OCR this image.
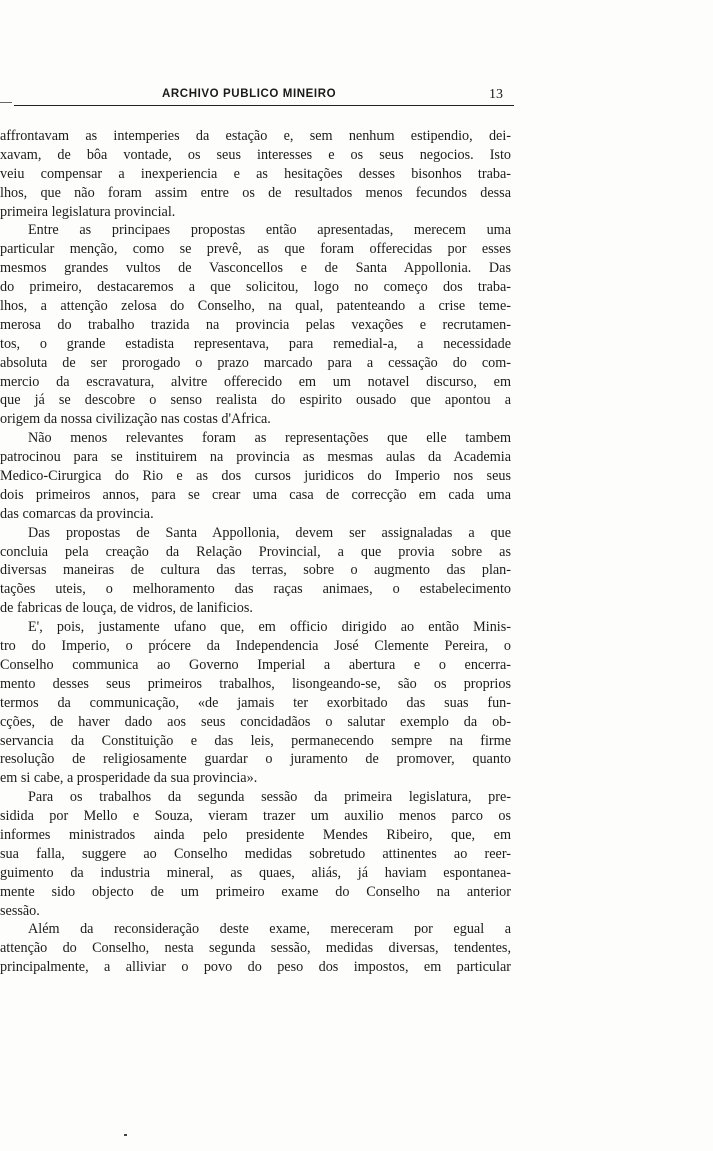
ARCHIVO PUBLICO MINEIRO	13
affrontavam as intemperies da estação e, sem nenhum estipendio, dei-
xavam, de bôa vontade, os seus interesses e os seus negocios. Isto
veiu compensar a inexperiencia e as hesitações desses bisonhos traba-
lhos, que não foram assim entre os de resultados menos fecundos dessa
primeira legislatura provincial.
Entre as principaes propostas então apresentadas, merecem uma
particular menção, como se prevê, as que foram offerecidas por esses
mesmos grandes vultos de Vasconcellos e de Santa Appollonia. Das
do primeiro, destacaremos a que solicitou, logo no começo dos traba-
lhos, a attenção zelosa do Conselho, na qual, patenteando a crise teme-
merosa do trabalho trazida na provincia pelas vexações e recrutamen-
tos, o grande estadista representava, para remedial-a, a necessidade
absoluta de ser prorogado o prazo marcado para a cessação do com-
mercio da escravatura, alvitre offerecido em um notavel discurso, em
que já se descobre o senso realista do espirito ousado que apontou a
origem da nossa civilização nas costas d'Africa.
Não menos relevantes foram as representações que elle tambem
patrocinou para se instituirem na provincia as mesmas aulas da Academia
Medico-Cirurgica do Rio e as dos cursos juridicos do Imperio nos seus
dois primeiros annos, para se crear uma casa de correcção em cada uma
das comarcas da provincia.
Das propostas de Santa Appollonia, devem ser assignaladas a que
concluia pela creação da Relação Provincial, a que provia sobre as
diversas maneiras de cultura das terras, sobre o augmento das plan-
tações uteis, o melhoramento das raças animaes, o estabelecimento
de fabricas de louça, de vidros, de lanificios.
E', pois, justamente ufano que, em officio dirigido ao então Minis-
tro do Imperio, o prócere da Independencia José Clemente Pereira, o
Conselho communica ao Governo Imperial a abertura e o encerra-
mento desses seus primeiros trabalhos, lisongeando-se, são os proprios
termos da communicação, «de jamais ter exorbitado das suas fun-
cções, de haver dado aos seus concidadãos o salutar exemplo da ob-
servancia da Constituição e das leis, permanecendo sempre na firme
resolução de religiosamente guardar o juramento de promover, quanto
em si cabe, a prosperidade da sua provincia».
Para os trabalhos da segunda sessão da primeira legislatura, pre-
sidida por Mello e Souza, vieram trazer um auxilio menos parco os
informes ministrados ainda pelo presidente Mendes Ribeiro, que, em
sua falla, suggere ao Conselho medidas sobretudo attinentes ao reer-
guimento da industria mineral, as quaes, aliás, já haviam espontanea-
mente sido objecto de um primeiro exame do Conselho na anterior
sessão.
Além da reconsideração deste exame, mereceram por egual a
attenção do Conselho, nesta segunda sessão, medidas diversas, tendentes,
principalmente, a alliviar o povo do peso dos impostos, em particular
